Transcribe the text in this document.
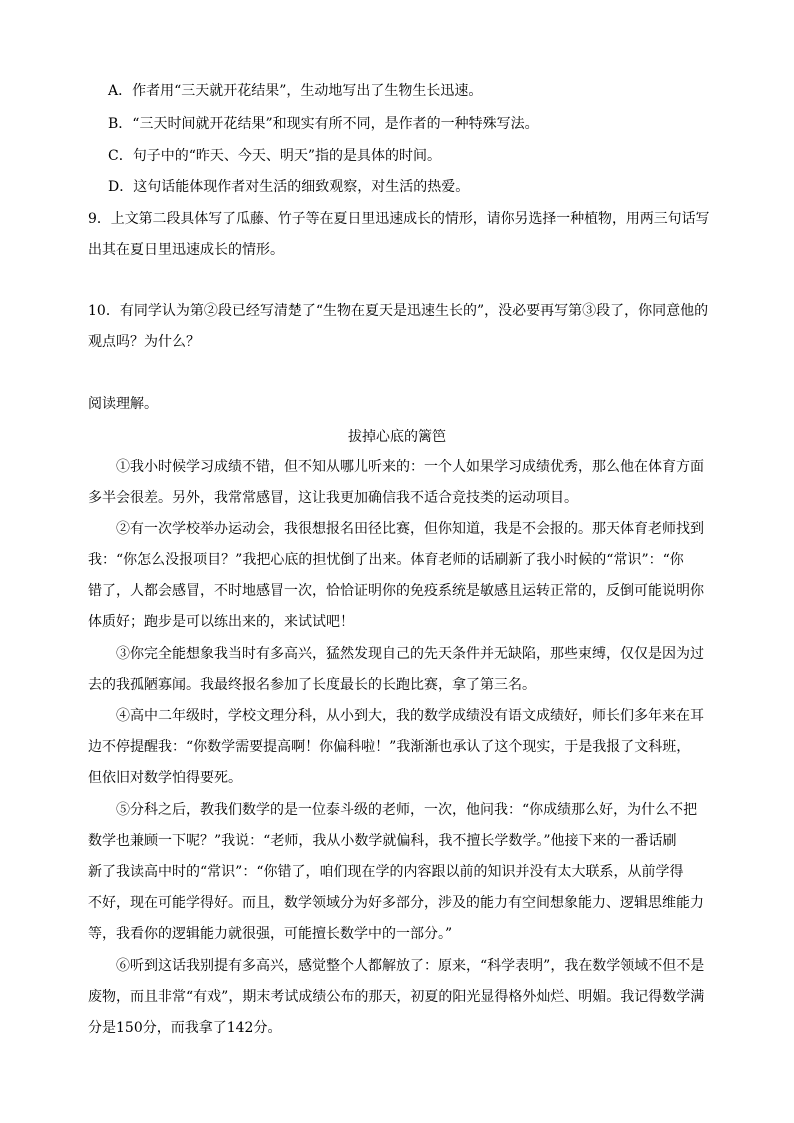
A．作者用“三天就开花结果”，生动地写出了生物生长迅速。
B．“三天时间就开花结果”和现实有所不同，是作者的一种特殊写法。
C．句子中的“昨天、今天、明天”指的是具体的时间。
D．这句话能体现作者对生活的细致观察，对生活的热爱。
9．上文第二段具体写了瓜藤、竹子等在夏日里迅速成长的情形，请你另选择一种植物，用两三句话写
出其在夏日里迅速成长的情形。
10．有同学认为第②段已经写清楚了“生物在夏天是迅速生长的”，没必要再写第③段了，你同意他的
观点吗？为什么？
阅读理解。
拔掉心底的篱笆
①我小时候学习成绩不错，但不知从哪儿听来的：一个人如果学习成绩优秀，那么他在体育方面
多半会很差。另外，我常常感冒，这让我更加确信我不适合竞技类的运动项目。
②有一次学校举办运动会，我很想报名田径比赛，但你知道，我是不会报的。那天体育老师找到
我：“你怎么没报项目？”我把心底的担忧倒了出来。体育老师的话刷新了我小时候的“常识”：“你
错了，人都会感冒，不时地感冒一次，恰恰证明你的免疫系统是敏感且运转正常的，反倒可能说明你
体质好；跑步是可以练出来的，来试试吧！
③你完全能想象我当时有多高兴，猛然发现自己的先天条件并无缺陷，那些束缚，仅仅是因为过
去的我孤陋寡闻。我最终报名参加了长度最长的长跑比赛，拿了第三名。
④高中二年级时，学校文理分科，从小到大，我的数学成绩没有语文成绩好，师长们多年来在耳
边不停提醒我：“你数学需要提高啊！你偏科啦！”我渐渐也承认了这个现实，于是我报了文科班，
但依旧对数学怕得要死。
⑤分科之后，教我们数学的是一位泰斗级的老师，一次，他问我：“你成绩那么好，为什么不把
数学也兼顾一下呢？”我说：“老师，我从小数学就偏科，我不擅长学数学。”他接下来的一番话刷
新了我读高中时的“常识”：“你错了，咱们现在学的内容跟以前的知识并没有太大联系，从前学得
不好，现在可能学得好。而且，数学领域分为好多部分，涉及的能力有空间想象能力、逻辑思维能力
等，我看你的逻辑能力就很强，可能擅长数学中的一部分。”
⑥听到这话我别提有多高兴，感觉整个人都解放了：原来，“科学表明”，我在数学领域不但不是
废物，而且非常“有戏”，期末考试成绩公布的那天，初夏的阳光显得格外灿烂、明媚。我记得数学满
分是150分，而我拿了142分。
